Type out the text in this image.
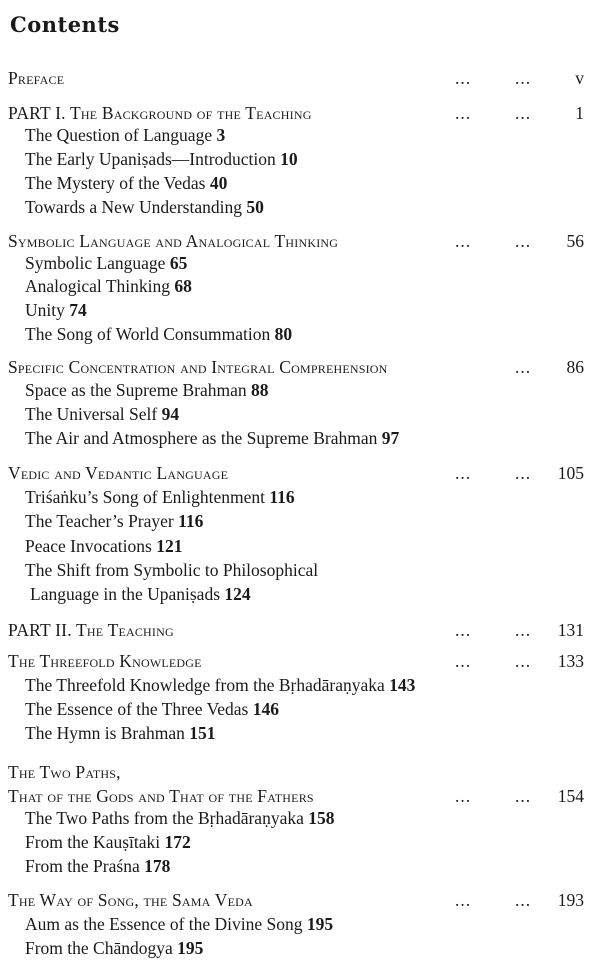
Contents
Preface	...	...	v
PART I. The Background of the Teaching	...	...	1
The Question of Language 3
The Early Upaniṣads—Introduction 10
The Mystery of the Vedas 40
Towards a New Understanding 50
Symbolic Language and Analogical Thinking	...	... 56
Symbolic Language 65
Analogical Thinking 68
Unity 74
The Song of World Consummation 80
Specific Concentration and Integral Comprehension	... 86
Space as the Supreme Brahman 88
The Universal Self 94
The Air and Atmosphere as the Supreme Brahman 97
Vedic and Vedantic Language	...	... 105
Triśaṅku’s Song of Enlightenment 116
The Teacher’s Prayer 116
Peace Invocations 121
The Shift from Symbolic to Philosophical
Language in the Upaniṣads 124
PART II. The Teaching	...	... 131
The Threefold Knowledge	...	... 133
The Threefold Knowledge from the Bṛhadāraṇyaka 143
The Essence of the Three Vedas 146
The Hymn is Brahman 151
The Two Paths,
That of the Gods and That of the Fathers	...	... 154
The Two Paths from the Bṛhadāraṇyaka 158
From the Kauṣītaki 172
From the Praśna 178
The Way of Song, the Sama Veda	...	... 193
Aum as the Essence of the Divine Song 195
From the Chāndogya 195
